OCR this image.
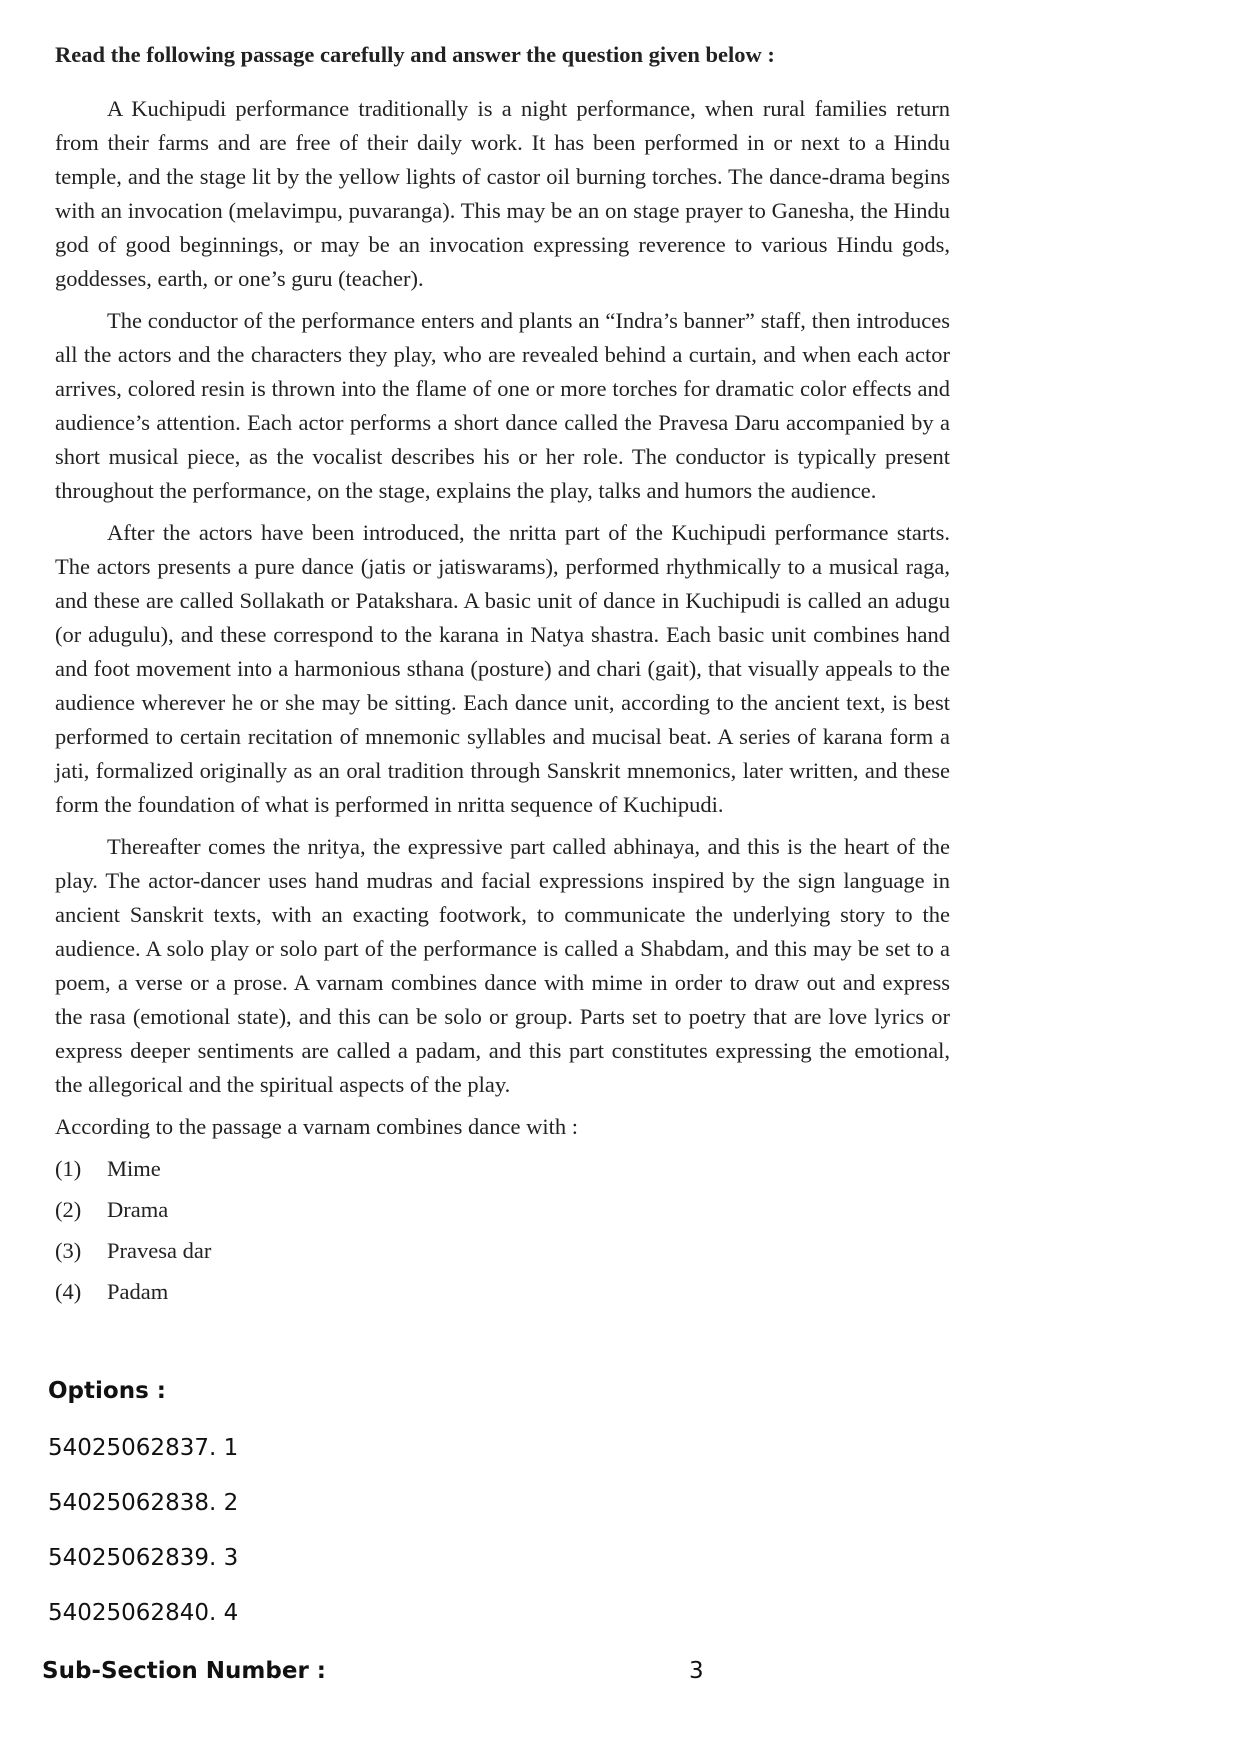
Read the following passage carefully and answer the question given below :

A Kuchipudi performance traditionally is a night performance, when rural families return from their farms and are free of their daily work. It has been performed in or next to a Hindu temple, and the stage lit by the yellow lights of castor oil burning torches. The dance-drama begins with an invocation (melavimpu, puvaranga). This may be an on stage prayer to Ganesha, the Hindu god of good beginnings, or may be an invocation expressing reverence to various Hindu gods, goddesses, earth, or one’s guru (teacher).

The conductor of the performance enters and plants an “Indra’s banner” staff, then introduces all the actors and the characters they play, who are revealed behind a curtain, and when each actor arrives, colored resin is thrown into the flame of one or more torches for dramatic color effects and audience’s attention. Each actor performs a short dance called the Pravesa Daru accompanied by a short musical piece, as the vocalist describes his or her role. The conductor is typically present throughout the performance, on the stage, explains the play, talks and humors the audience.

After the actors have been introduced, the nritta part of the Kuchipudi performance starts. The actors presents a pure dance (jatis or jatiswarams), performed rhythmically to a musical raga, and these are called Sollakath or Patakshara. A basic unit of dance in Kuchipudi is called an adugu (or adugulu), and these correspond to the karana in Natya shastra. Each basic unit combines hand and foot movement into a harmonious sthana (posture) and chari (gait), that visually appeals to the audience wherever he or she may be sitting. Each dance unit, according to the ancient text, is best performed to certain recitation of mnemonic syllables and mucisal beat. A series of karana form a jati, formalized originally as an oral tradition through Sanskrit mnemonics, later written, and these form the foundation of what is performed in nritta sequence of Kuchipudi.

Thereafter comes the nritya, the expressive part called abhinaya, and this is the heart of the play. The actor-dancer uses hand mudras and facial expressions inspired by the sign language in ancient Sanskrit texts, with an exacting footwork, to communicate the underlying story to the audience. A solo play or solo part of the performance is called a Shabdam, and this may be set to a poem, a verse or a prose. A varnam combines dance with mime in order to draw out and express the rasa (emotional state), and this can be solo or group. Parts set to poetry that are love lyrics or express deeper sentiments are called a padam, and this part constitutes expressing the emotional, the allegorical and the spiritual aspects of the play.

According to the passage a varnam combines dance with :

(1)	Mime
(2)	Drama
(3)	Pravesa dar
(4)	Padam
Options :
54025062837. 1
54025062838. 2
54025062839. 3
54025062840. 4
Sub-Section Number :	3
